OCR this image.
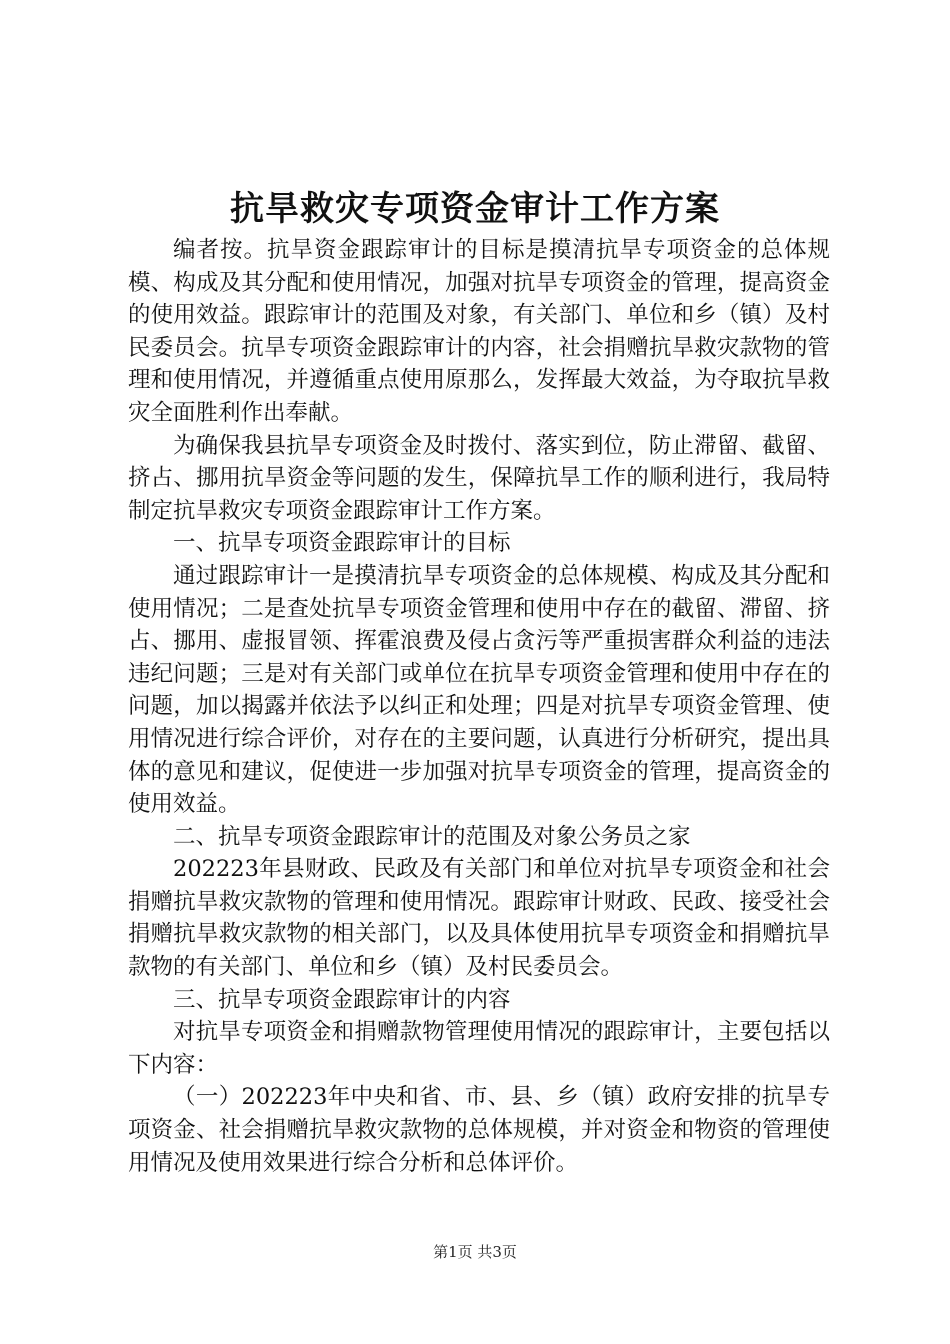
抗旱救灾专项资金审计工作方案

编者按。抗旱资金跟踪审计的目标是摸清抗旱专项资金的总体规模、构成及其分配和使用情况，加强对抗旱专项资金的管理，提高资金的使用效益。跟踪审计的范围及对象，有关部门、单位和乡（镇）及村民委员会。抗旱专项资金跟踪审计的内容，社会捐赠抗旱救灾款物的管理和使用情况，并遵循重点使用原那么，发挥最大效益，为夺取抗旱救灾全面胜利作出奉献。

为确保我县抗旱专项资金及时拨付、落实到位，防止滞留、截留、挤占、挪用抗旱资金等问题的发生，保障抗旱工作的顺利进行，我局特制定抗旱救灾专项资金跟踪审计工作方案。

一、抗旱专项资金跟踪审计的目标

通过跟踪审计一是摸清抗旱专项资金的总体规模、构成及其分配和使用情况；二是查处抗旱专项资金管理和使用中存在的截留、滞留、挤占、挪用、虚报冒领、挥霍浪费及侵占贪污等严重损害群众利益的违法违纪问题；三是对有关部门或单位在抗旱专项资金管理和使用中存在的问题，加以揭露并依法予以纠正和处理；四是对抗旱专项资金管理、使用情况进行综合评价，对存在的主要问题，认真进行分析研究，提出具体的意见和建议，促使进一步加强对抗旱专项资金的管理，提高资金的使用效益。

二、抗旱专项资金跟踪审计的范围及对象公务员之家

202223年县财政、民政及有关部门和单位对抗旱专项资金和社会捐赠抗旱救灾款物的管理和使用情况。跟踪审计财政、民政、接受社会捐赠抗旱救灾款物的相关部门，以及具体使用抗旱专项资金和捐赠抗旱款物的有关部门、单位和乡（镇）及村民委员会。

三、抗旱专项资金跟踪审计的内容

对抗旱专项资金和捐赠款物管理使用情况的跟踪审计，主要包括以下内容：

（一）202223年中央和省、市、县、乡（镇）政府安排的抗旱专项资金、社会捐赠抗旱救灾款物的总体规模，并对资金和物资的管理使用情况及使用效果进行综合分析和总体评价。

第1页 共3页
